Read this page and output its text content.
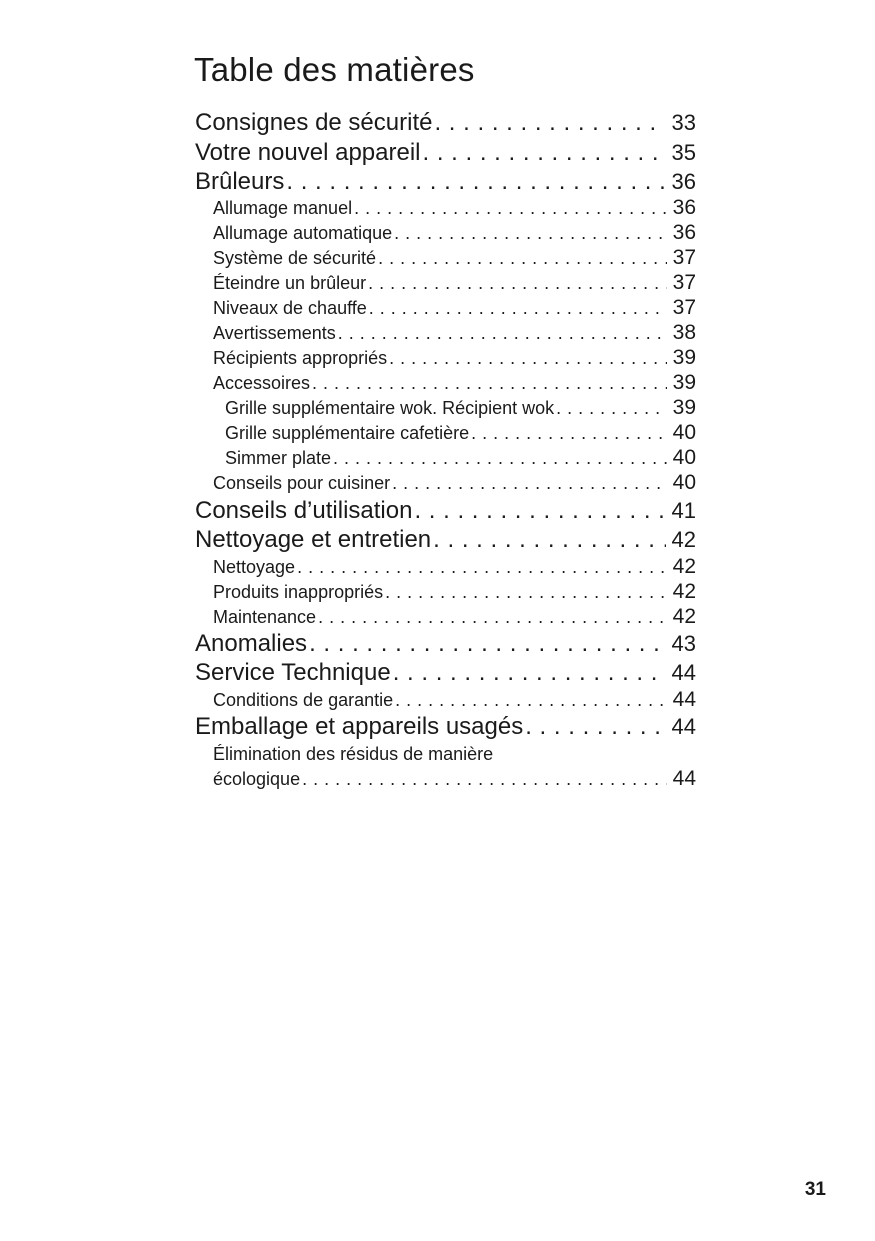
Table des matières
Consignes de sécurité . . .	33
Votre nouvel appareil . . .	35
Brûleurs . . .	36
Allumage manuel . . .	36
Allumage automatique . . .	36
Système de sécurité . . .	37
Éteindre un brûleur . . .	37
Niveaux de chauffe . . .	37
Avertissements . . .	38
Récipients appropriés . . .	39
Accessoires . . .	39
Grille supplémentaire wok. Récipient wok . . .	39
Grille supplémentaire cafetière . . .	40
Simmer plate . . .	40
Conseils pour cuisiner . . .	40
Conseils d’utilisation . . .	41
Nettoyage et entretien . . .	42
Nettoyage . . .	42
Produits inappropriés . . .	42
Maintenance . . .	42
Anomalies . . .	43
Service Technique . . .	44
Conditions de garantie . . .	44
Emballage et appareils usagés . . .	44
Élimination des résidus de manière
écologique . . .	44
31
